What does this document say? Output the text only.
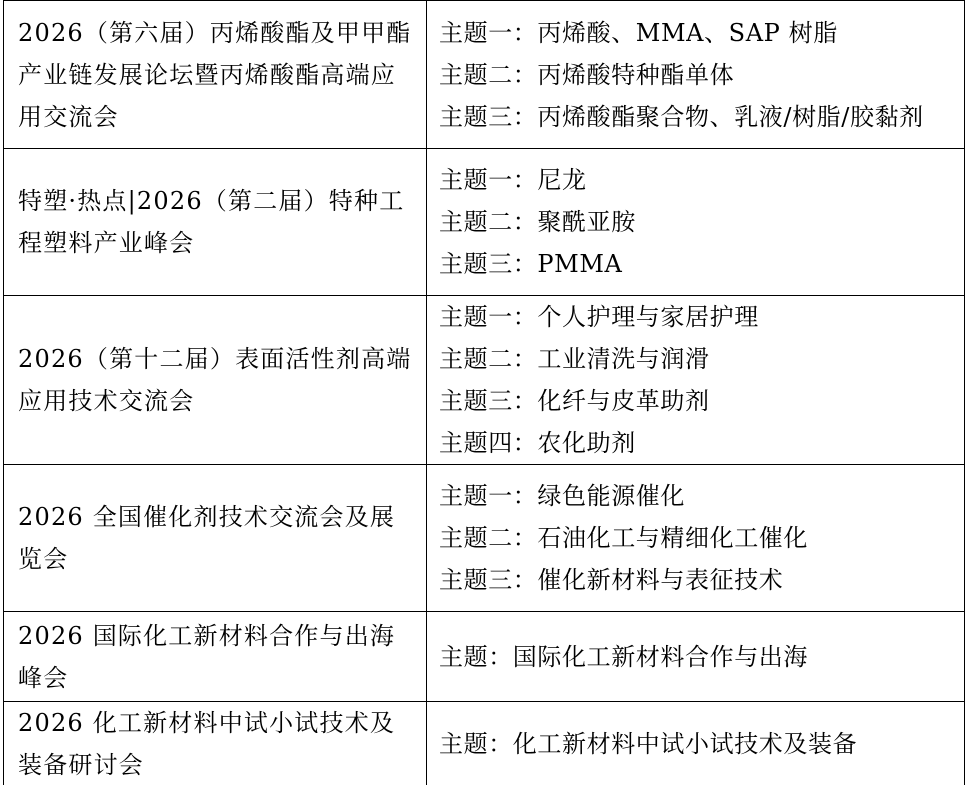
2026（第六届）丙烯酸酯及甲甲酯产业链发展论坛暨丙烯酸酯高端应用交流会	主题一：丙烯酸、MMA、SAP 树脂
主题二：丙烯酸特种酯单体
主题三：丙烯酸酯聚合物、乳液/树脂/胶黏剂

特塑·热点|2026（第二届）特种工程塑料产业峰会	主题一：尼龙
主题二：聚酰亚胺
主题三：PMMA

2026（第十二届）表面活性剂高端应用技术交流会	主题一：个人护理与家居护理
主题二：工业清洗与润滑
主题三：化纤与皮革助剂
主题四：农化助剂

2026 全国催化剂技术交流会及展览会	主题一：绿色能源催化
主题二：石油化工与精细化工催化
主题三：催化新材料与表征技术

2026 国际化工新材料合作与出海峰会	主题：国际化工新材料合作与出海

2026 化工新材料中试小试技术及装备研讨会	主题：化工新材料中试小试技术及装备
